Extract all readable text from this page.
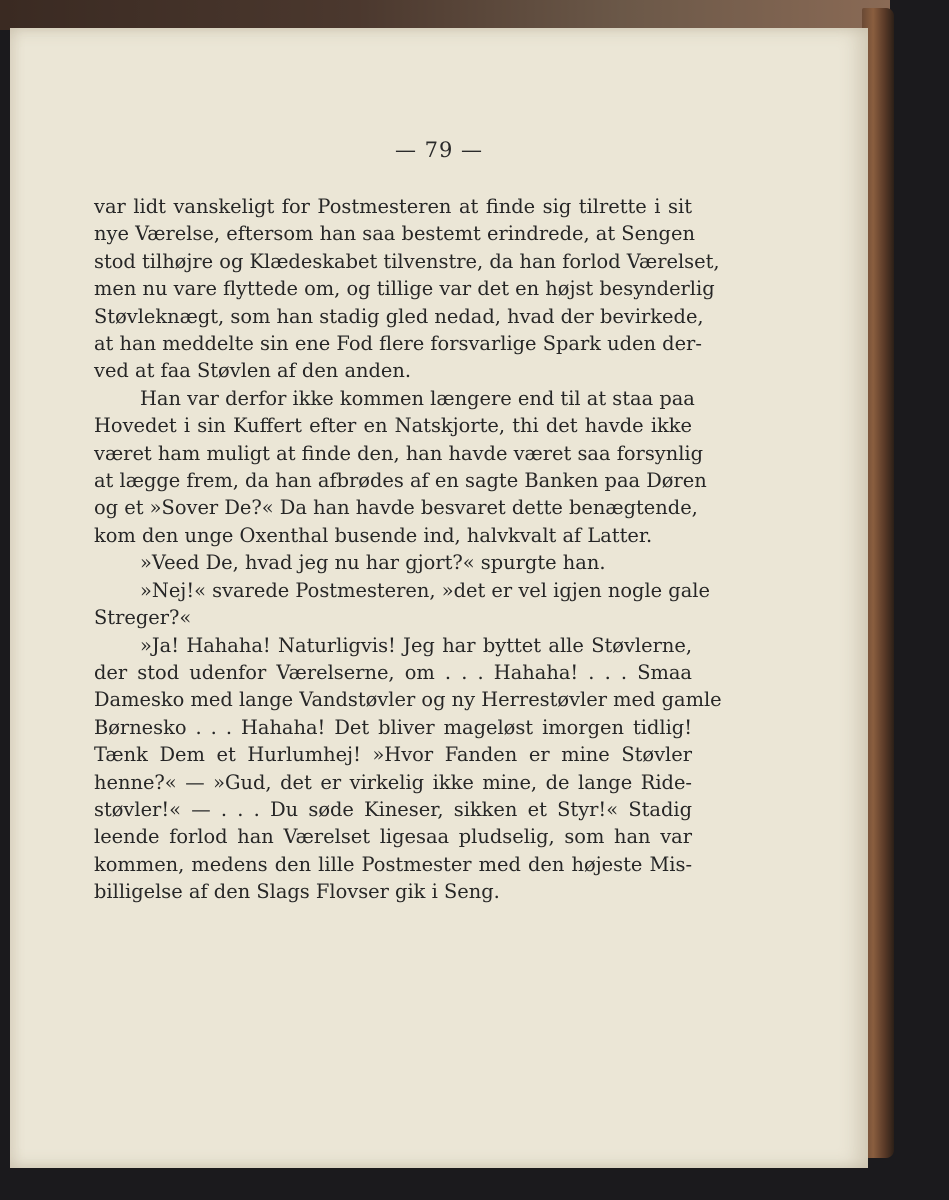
— 79 —
var lidt vanskeligt for Postmesteren at finde sig tilrette i sit
nye Værelse, eftersom han saa bestemt erindrede, at Sengen
stod tilhøjre og Klædeskabet tilvenstre, da han forlod Værelset,
men nu vare flyttede om, og tillige var det en højst besynderlig
Støvleknægt, som han stadig gled nedad, hvad der bevirkede,
at han meddelte sin ene Fod flere forsvarlige Spark uden der-
ved at faa Støvlen af den anden.
Han var derfor ikke kommen længere end til at staa paa
Hovedet i sin Kuffert efter en Natskjorte, thi det havde ikke
været ham muligt at finde den, han havde været saa forsynlig
at lægge frem, da han afbrødes af en sagte Banken paa Døren
og et »Sover De?« Da han havde besvaret dette benægtende,
kom den unge Oxenthal busende ind, halvkvalt af Latter.
»Veed De, hvad jeg nu har gjort?« spurgte han.
»Nej!« svarede Postmesteren, »det er vel igjen nogle gale
Streger?«
»Ja! Hahaha! Naturligvis! Jeg har byttet alle Støvlerne,
der stod udenfor Værelserne, om . . . Hahaha! . . . Smaa
Damesko med lange Vandstøvler og ny Herrestøvler med gamle
Børnesko . . . Hahaha! Det bliver mageløst imorgen tidlig!
Tænk Dem et Hurlumhej! »Hvor Fanden er mine Støvler
henne?« — »Gud, det er virkelig ikke mine, de lange Ride-
støvler!« — . . . Du søde Kineser, sikken et Styr!« Stadig
leende forlod han Værelset ligesaa pludselig, som han var
kommen, medens den lille Postmester med den højeste Mis-
billigelse af den Slags Flovser gik i Seng.
